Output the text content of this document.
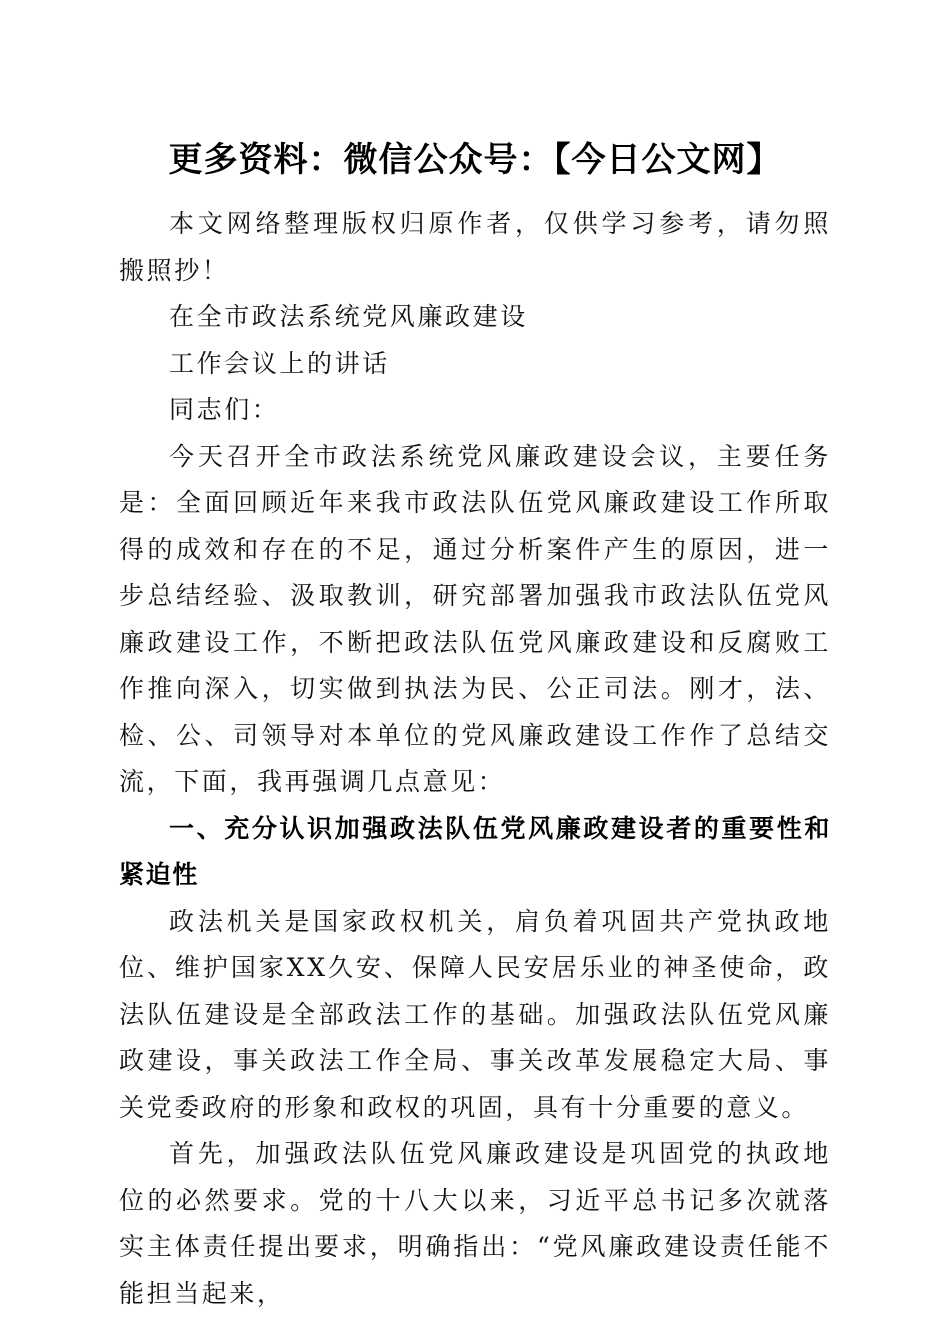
更多资料：微信公众号：【今日公文网】

本文网络整理版权归原作者，仅供学习参考，请勿照搬照抄！

在全市政法系统党风廉政建设

工作会议上的讲话

同志们：

今天召开全市政法系统党风廉政建设会议，主要任务是：全面回顾近年来我市政法队伍党风廉政建设工作所取得的成效和存在的不足，通过分析案件产生的原因，进一步总结经验、汲取教训，研究部署加强我市政法队伍党风廉政建设工作，不断把政法队伍党风廉政建设和反腐败工作推向深入，切实做到执法为民、公正司法。刚才，法、检、公、司领导对本单位的党风廉政建设工作作了总结交流，下面，我再强调几点意见：

一、充分认识加强政法队伍党风廉政建设者的重要性和紧迫性

政法机关是国家政权机关，肩负着巩固共产党执政地位、维护国家XX久安、保障人民安居乐业的神圣使命，政法队伍建设是全部政法工作的基础。加强政法队伍党风廉政建设，事关政法工作全局、事关改革发展稳定大局、事关党委政府的形象和政权的巩固，具有十分重要的意义。

首先，加强政法队伍党风廉政建设是巩固党的执政地位的必然要求。党的十八大以来，习近平总书记多次就落实主体责任提出要求，明确指出：“党风廉政建设责任能不能担当起来，
